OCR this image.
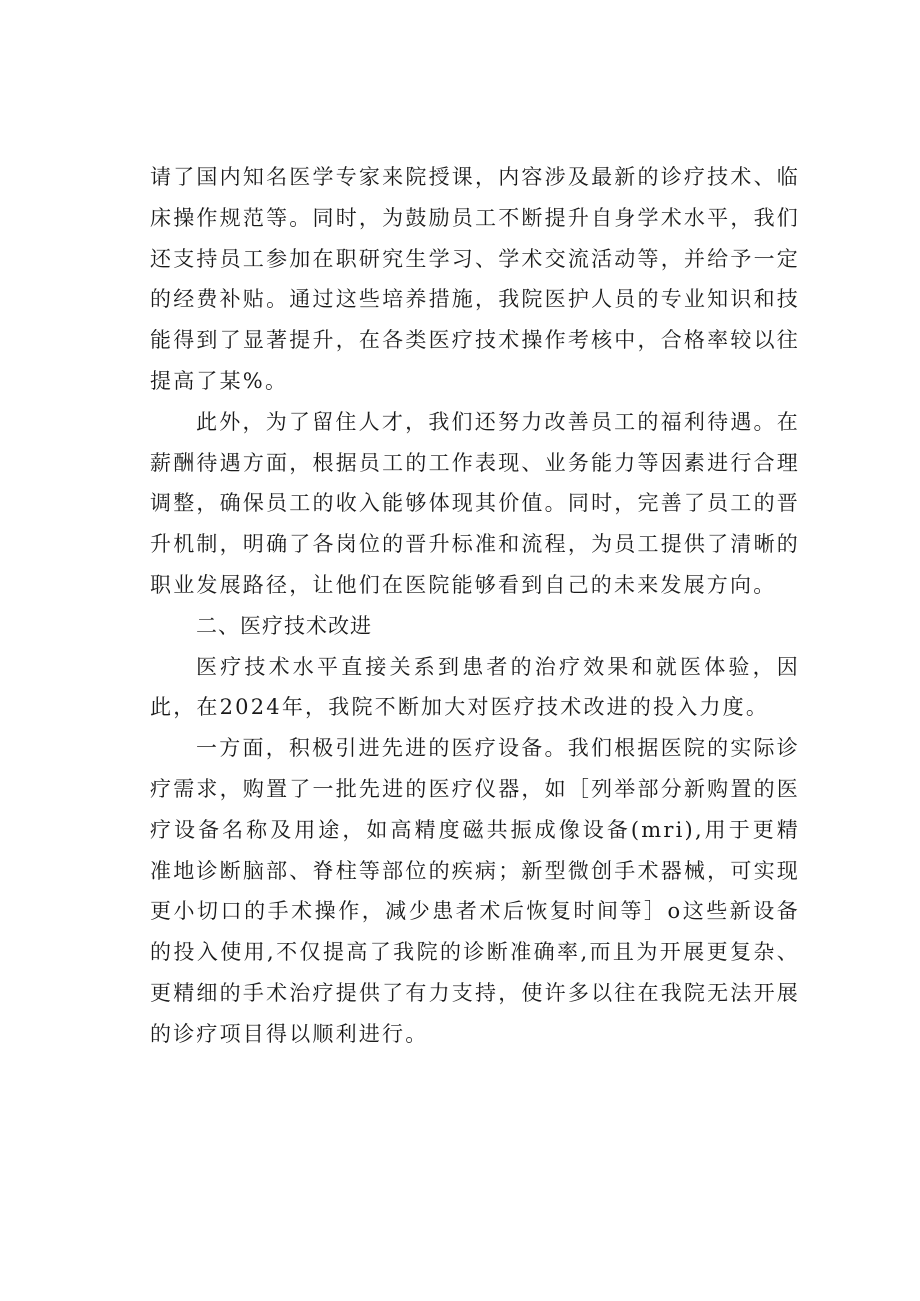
请了国内知名医学专家来院授课，内容涉及最新的诊疗技术、临床操作规范等。同时，为鼓励员工不断提升自身学术水平，我们还支持员工参加在职研究生学习、学术交流活动等，并给予一定的经费补贴。通过这些培养措施，我院医护人员的专业知识和技能得到了显著提升，在各类医疗技术操作考核中，合格率较以往提高了某%。

此外，为了留住人才，我们还努力改善员工的福利待遇。在薪酬待遇方面，根据员工的工作表现、业务能力等因素进行合理调整，确保员工的收入能够体现其价值。同时，完善了员工的晋升机制，明确了各岗位的晋升标准和流程，为员工提供了清晰的职业发展路径，让他们在医院能够看到自己的未来发展方向。

二、医疗技术改进

医疗技术水平直接关系到患者的治疗效果和就医体验，因此，在2024年，我院不断加大对医疗技术改进的投入力度。

一方面，积极引进先进的医疗设备。我们根据医院的实际诊疗需求，购置了一批先进的医疗仪器，如［列举部分新购置的医疗设备名称及用途，如高精度磁共振成像设备(mri),用于更精准地诊断脑部、脊柱等部位的疾病；新型微创手术器械，可实现更小切口的手术操作，减少患者术后恢复时间等］o这些新设备的投入使用,不仅提高了我院的诊断准确率,而且为开展更复杂、更精细的手术治疗提供了有力支持，使许多以往在我院无法开展的诊疗项目得以顺利进行。
